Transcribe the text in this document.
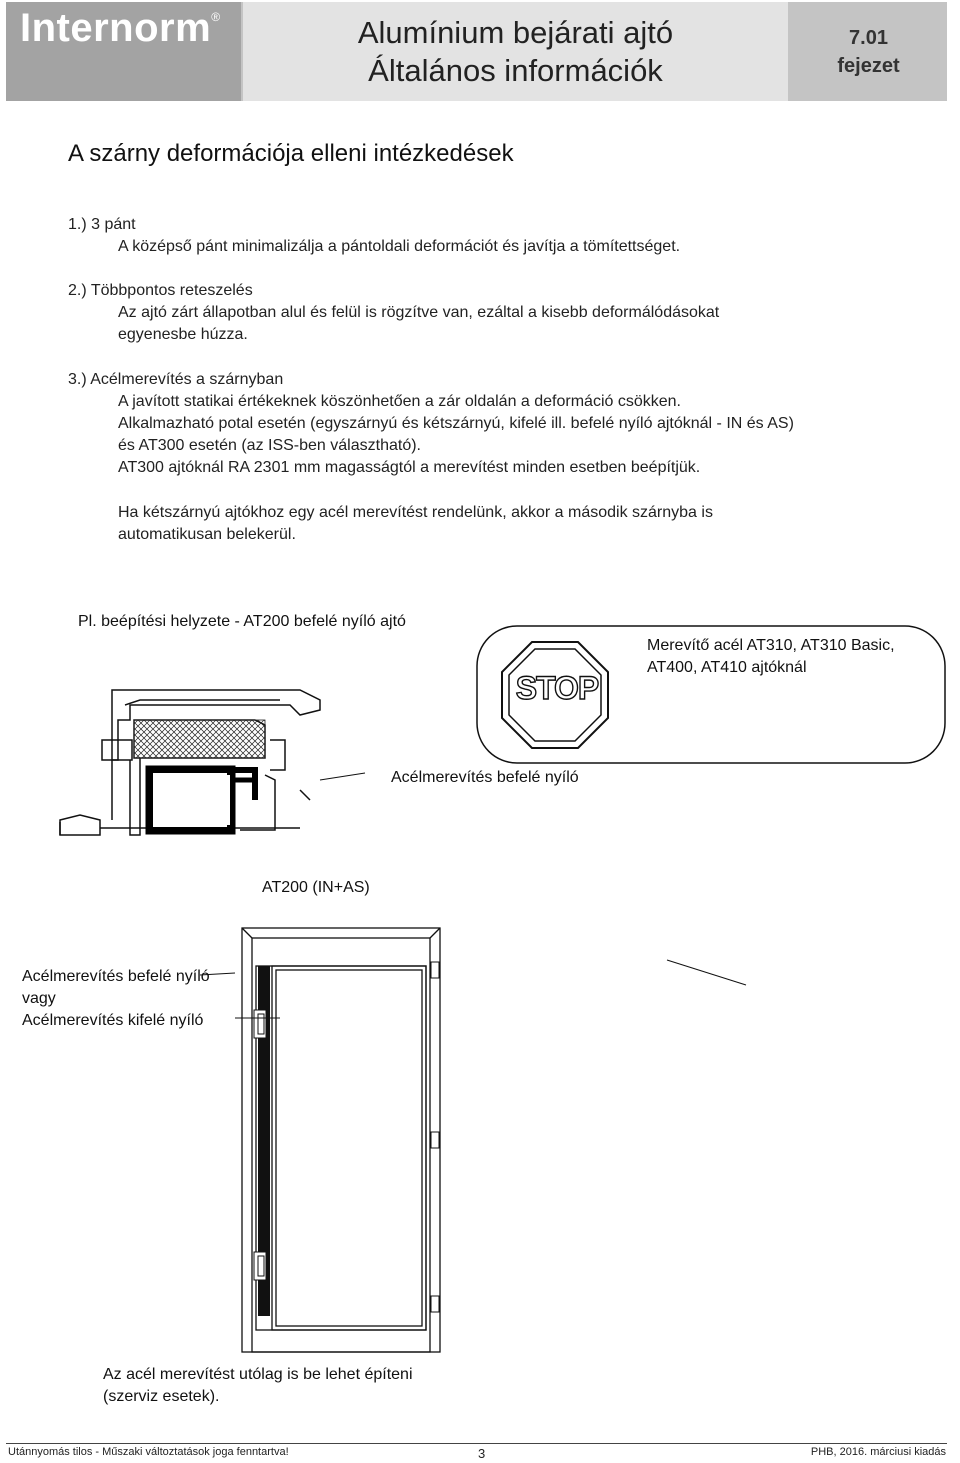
Internorm®	Alumínium bejárati ajtó
Általános információk
7.01
fejezet
A szárny deformációja elleni intézkedések
1.) 3 pánt
A középső pánt minimalizálja a pántoldali deformációt és javítja a tömítettséget.
2.) Többpontos reteszelés
Az ajtó zárt állapotban alul és felül is rögzítve van, ezáltal a kisebb deformálódásokat
egyenesbe húzza.
3.) Acélmerevítés a szárnyban
A javított statikai értékeknek köszönhetően a zár oldalán a deformáció csökken.
Alkalmazható potal esetén (egyszárnyú és kétszárnyú, kifelé ill. befelé nyíló ajtóknál - IN és AS)
és AT300 esetén (az ISS-ben választható).
AT300 ajtóknál RA 2301 mm magasságtól a merevítést minden esetben beépítjük.
Ha kétszárnyú ajtókhoz egy acél merevítést rendelünk, akkor a második szárnyba is
automatikusan belekerül.
Pl. beépítési helyzete - AT200 befelé nyíló ajtó
STOP
Merevítő acél AT310, AT310 Basic,
AT400, AT410 ajtóknál
Acélmerevítés befelé nyíló
AT200 (IN+AS)
Acélmerevítés befelé nyíló
vagy
Acélmerevítés kifelé nyíló
Az acél merevítést utólag is be lehet építeni
(szerviz esetek).
Utánnyomás tilos - Műszaki változtatások joga fenntartva!	3	PHB, 2016. márciusi kiadás
